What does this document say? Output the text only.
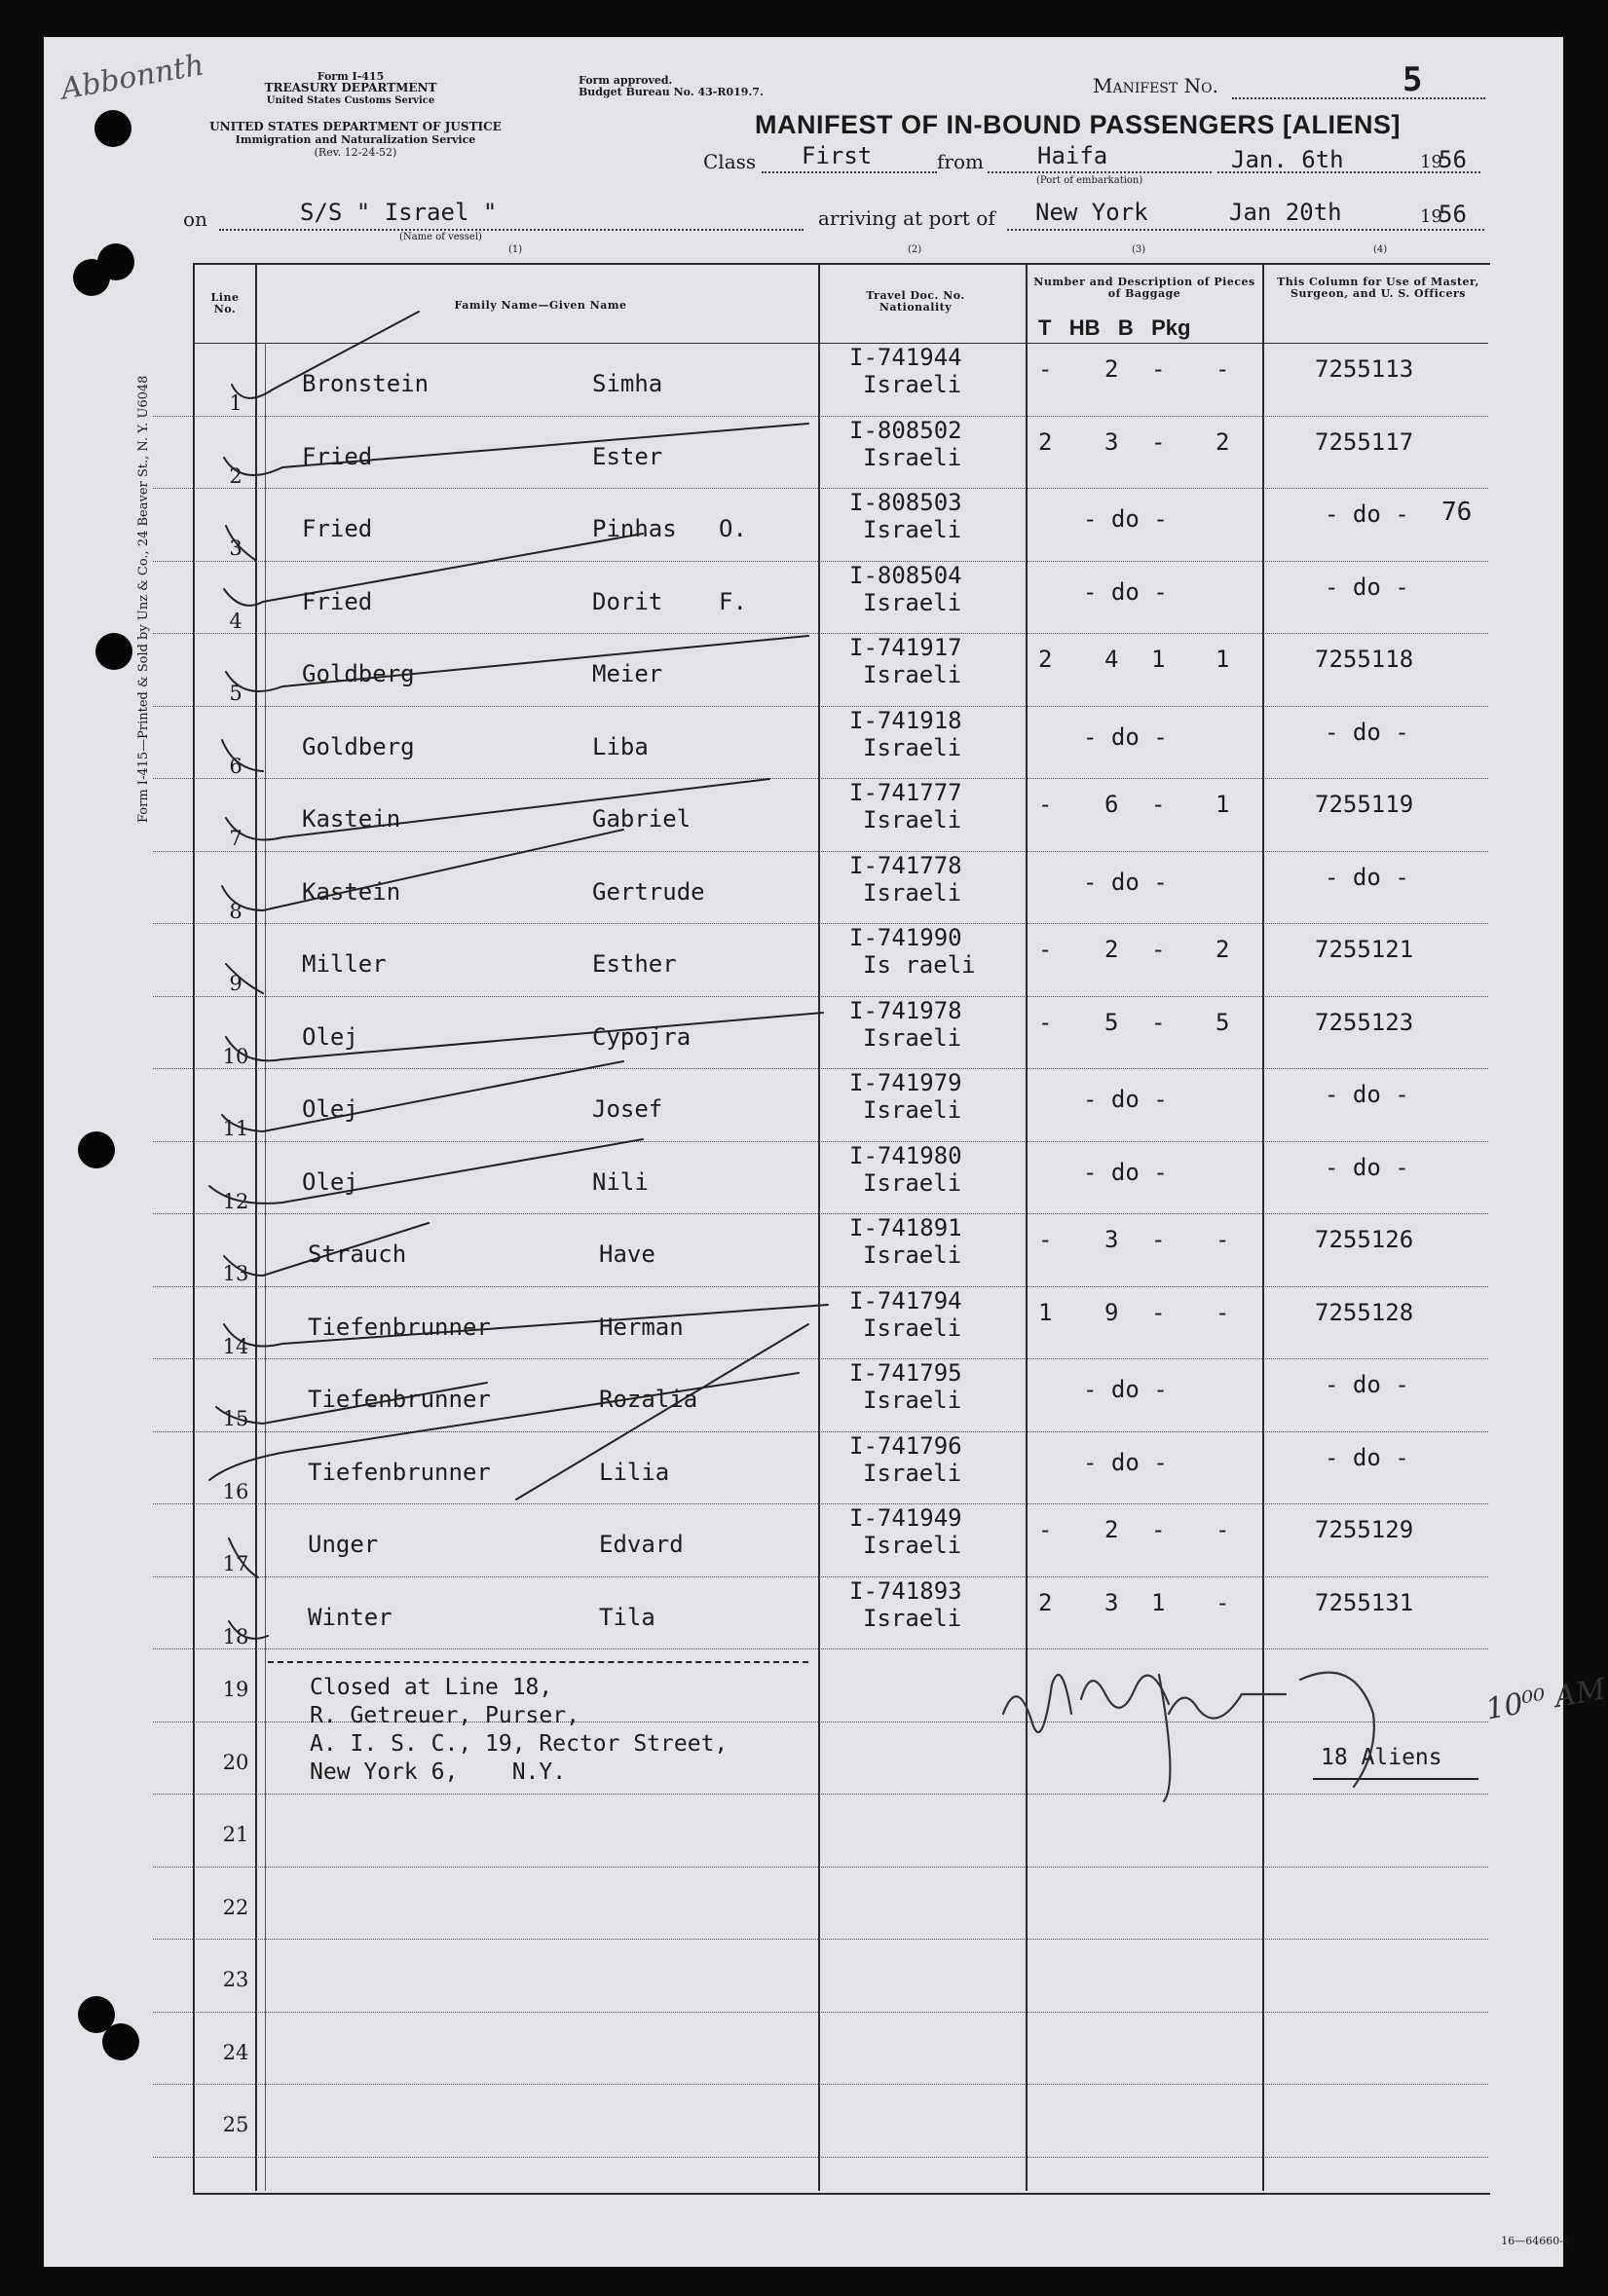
Abbonnth	Form I-415
TREASURY DEPARTMENT
United States Customs Service
UNITED STATES DEPARTMENT OF JUSTICE
Immigration and Naturalization Service
(Rev. 12-24-52)
Form approved.
Budget Bureau No. 43-R019.7.	Manifest No.	5
MANIFEST OF IN-BOUND PASSENGERS [ALIENS]
Class First	from Haifa
(Port of embarkation)
Jan. 6th	19
56
on	S/S " Israel "
(Name of vessel)
(1)
arriving at port of
(2)
New York	Jan 20th
(3)
19
56
(4)
Form I-415—Printed & Sold by Unz & Co., 24 Beaver St., N. Y. U6048
Line No.	Family Name—Given Name
Travel Doc. No. Nationality
Number and Description of Pieces of Baggage
T   HB   B   Pkg
This Column for Use of Master, Surgeon, and U. S. Officers
1
Bronstein	Simha
I-741944
Israeli
- 2 - -	7255113
2
Fried	Ester
I-808502
Israeli
2 3 - 2	7255117
3
Fried	Pinhas   O.
I-808503
Israeli	- do -	- do - 76
4
Fried	Dorit    F.
I-808504
Israeli	- do -	- do -
5
Goldberg	Meier
I-741917
Israeli
2 4 1 1	7255118
6
Goldberg	Liba
I-741918
Israeli	- do -	- do -
7
Kastein	Gabriel
I-741777
Israeli
- 6 - 1	7255119
8
Kastein	Gertrude
I-741778
Israeli	- do -	- do -
9
Miller	Esther
I-741990
Is raeli
- 2 - 2	7255121
10
Olej	Cypojra
I-741978
Israeli
- 5 - 5	7255123
11
Olej	Josef
I-741979
Israeli	- do -	- do -
12
Olej	Nili
I-741980
Israeli	- do -	- do -
13
Strauch	Have
I-741891
Israeli
- 3 - -	7255126
14
Tiefenbrunner	Herman
I-741794
Israeli
1 9 - -	7255128
15
Tiefenbrunner	Rozalia
I-741795
Israeli	- do -	- do -
16
Tiefenbrunner	Lilia
I-741796
Israeli	- do -	- do -
17
Unger	Edvard
I-741949
Israeli
- 2 - -	7255129
18
Winter	Tila
I-741893
Israeli
2 3 1 -	7255131
19
20
21
22
23
24
25
Closed at Line 18,
R. Getreuer, Purser,
A. I. S. C., 19, Rector Street,
New York 6,    N.Y.
18 Aliens
10⁰⁰ AM
16—64660-4
